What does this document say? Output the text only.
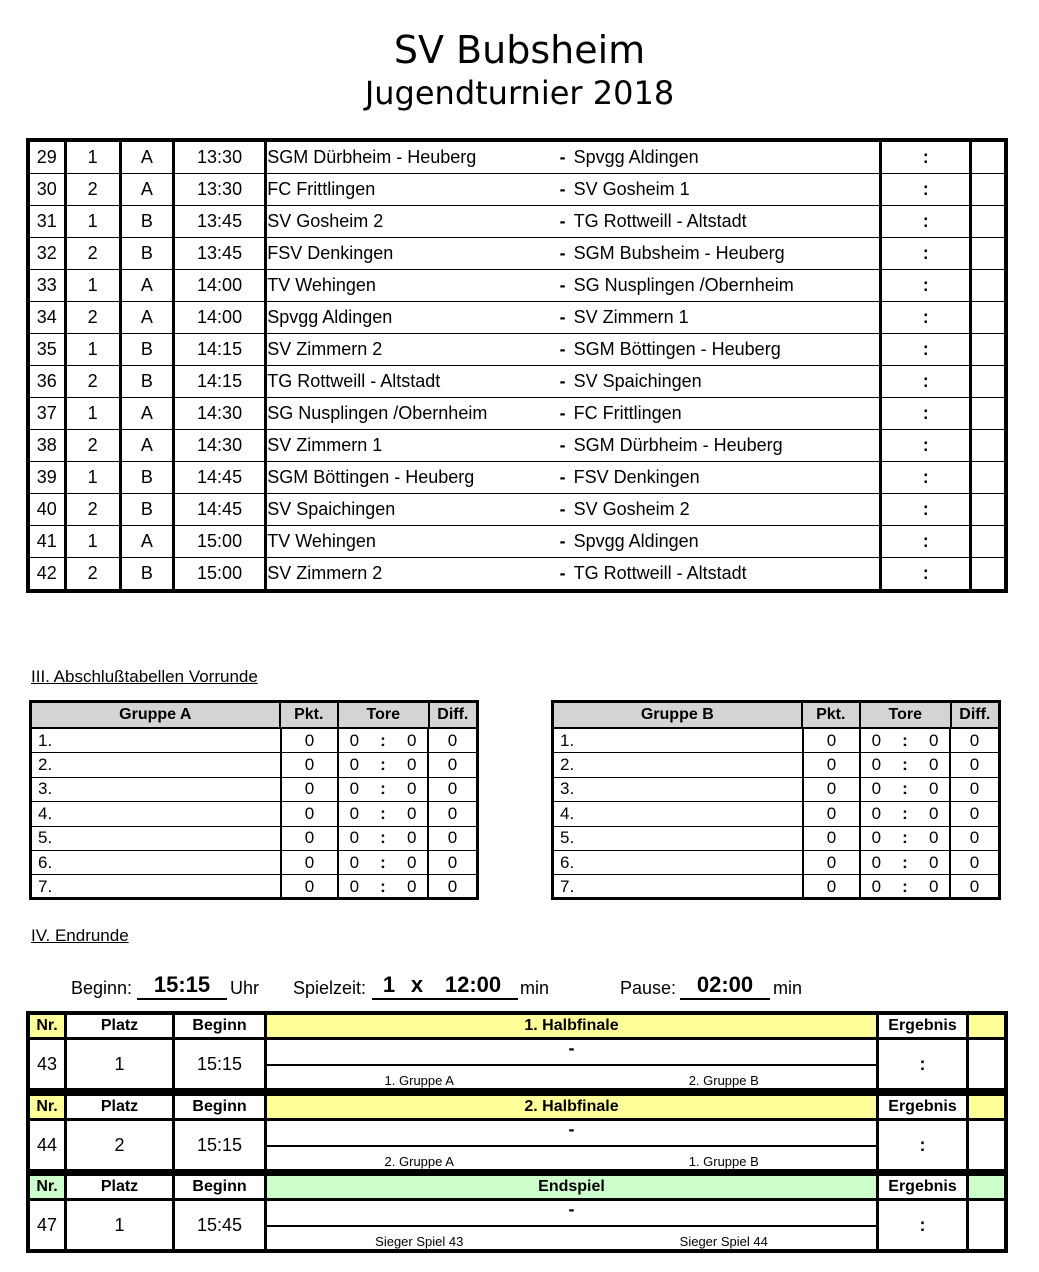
SV Bubsheim
Jugendturnier 2018
29	1	A	13:30	SGM Dürbheim - Heuberg	- Spvgg Aldingen	:	
30	2	A	13:30	FC Frittlingen	- SV Gosheim 1	:	
31	1	B	13:45	SV Gosheim 2	- TG Rottweill - Altstadt	:	
32	2	B	13:45	FSV Denkingen	- SGM Bubsheim - Heuberg	:	
33	1	A	14:00	TV Wehingen	- SG Nusplingen /Obernheim	:	
34	2	A	14:00	Spvgg Aldingen	- SV Zimmern 1	:	
35	1	B	14:15	SV Zimmern 2	- SGM Böttingen - Heuberg	:	
36	2	B	14:15	TG Rottweill - Altstadt	- SV Spaichingen	:	
37	1	A	14:30	SG Nusplingen /Obernheim	- FC Frittlingen	:	
38	2	A	14:30	SV Zimmern 1	- SGM Dürbheim - Heuberg	:	
39	1	B	14:45	SGM Böttingen - Heuberg	- FSV Denkingen	:	
40	2	B	14:45	SV Spaichingen	- SV Gosheim 2	:	
41	1	A	15:00	TV Wehingen	- Spvgg Aldingen	:	
42	2	B	15:00	SV Zimmern 2	- TG Rottweill - Altstadt	:	
III. Abschlußtabellen Vorrunde
Gruppe A	Pkt.	Tore	Diff.
1.	0	0 : 0	0
2.	0	0 : 0	0
3.	0	0 : 0	0
4.	0	0 : 0	0
5.	0	0 : 0	0
6.	0	0 : 0	0
7.	0	0 : 0	0
Gruppe B	Pkt.	Tore	Diff.
1.	0	0 : 0	0
2.	0	0 : 0	0
3.	0	0 : 0	0
4.	0	0 : 0	0
5.	0	0 : 0	0
6.	0	0 : 0	0
7.	0	0 : 0	0
IV. Endrunde
Beginn: 15:15	Uhr Spielzeit: 1 x 12:00	min	Pause: 02:00	min
Nr.	Platz	Beginn	1. Halbfinale	Ergebnis
43	1	15:15
-
1. Gruppe A	2. Gruppe B
:
Nr.	Platz	Beginn	2. Halbfinale	Ergebnis
44	2	15:15
-
2. Gruppe A	1. Gruppe B
:
Nr.	Platz	Beginn	Endspiel	Ergebnis
47	1	15:45
-
Sieger Spiel 43	Sieger Spiel 44
:
